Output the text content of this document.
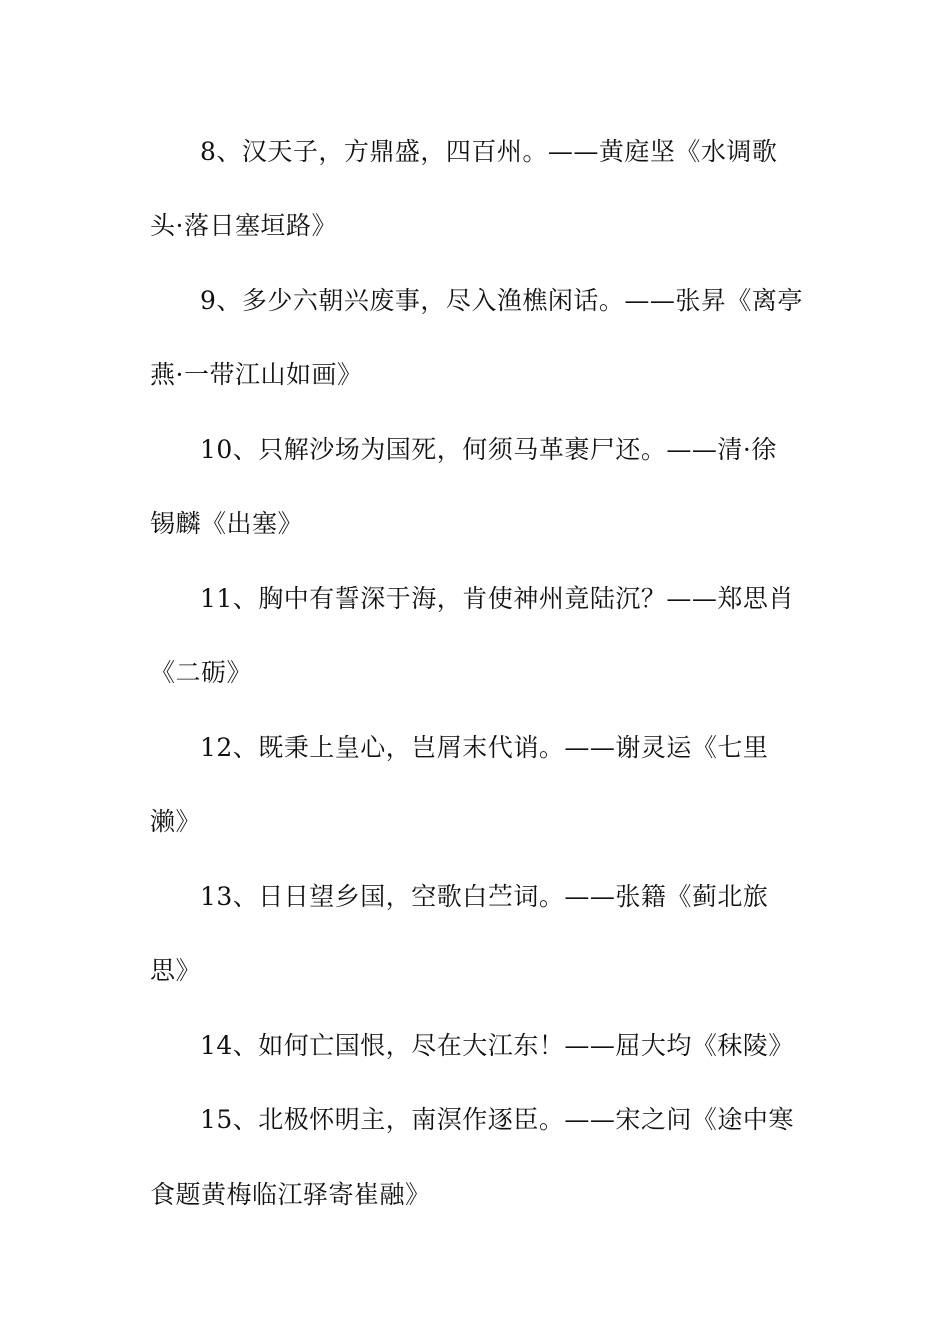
8、汉天子，方鼎盛，四百州。——黄庭坚《水调歌
头·落日塞垣路》
9、多少六朝兴废事，尽入渔樵闲话。——张昇《离亭
燕·一带江山如画》
10、只解沙场为国死，何须马革裹尸还。——清·徐
锡麟《出塞》
11、胸中有誓深于海，肯使神州竟陆沉？——郑思肖
《二砺》
12、既秉上皇心，岂屑末代诮。——谢灵运《七里
濑》
13、日日望乡国，空歌白苎词。——张籍《蓟北旅
思》
14、如何亡国恨，尽在大江东！——屈大均《秣陵》
15、北极怀明主，南溟作逐臣。——宋之问《途中寒
食题黄梅临江驿寄崔融》
